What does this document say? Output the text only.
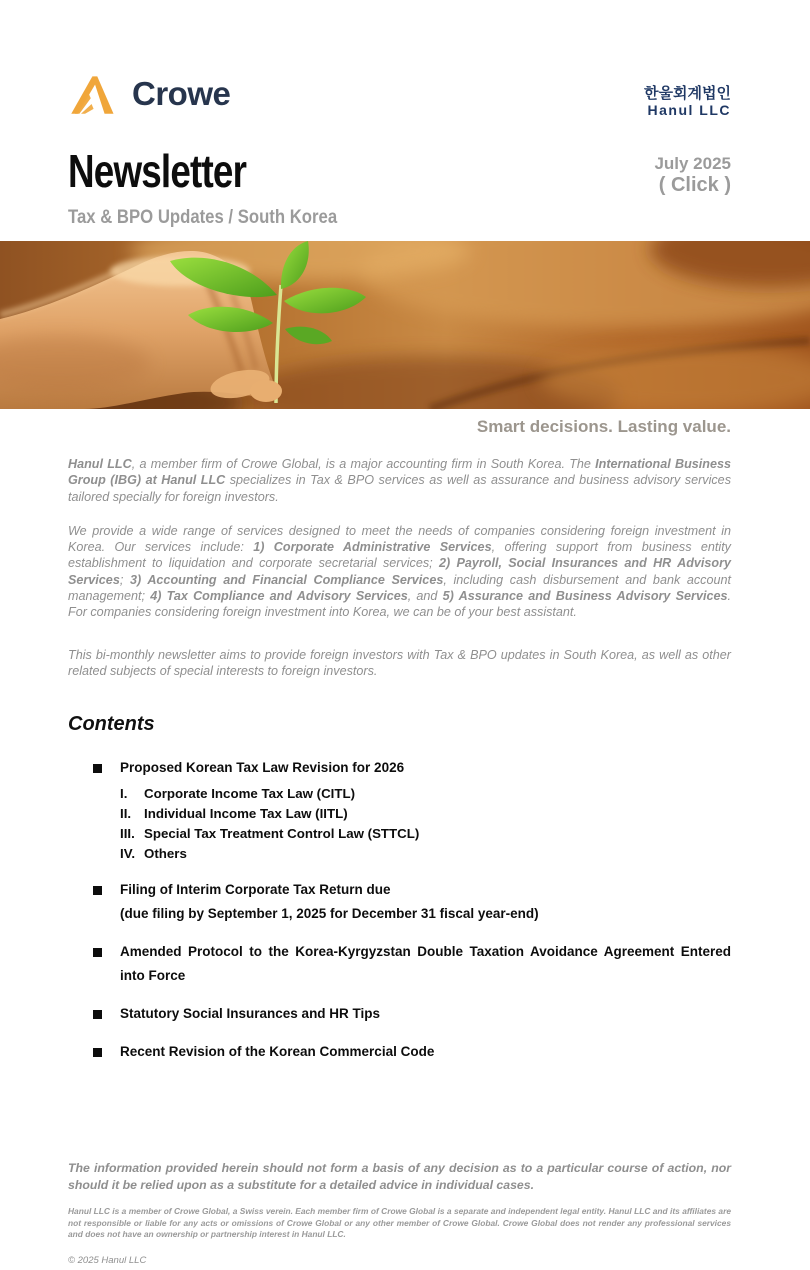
Crowe	한울회계법인
Hanul LLC
Newsletter
Tax & BPO Updates / South Korea
July 2025
( Click )
Smart decisions. Lasting value.

Hanul LLC, a member firm of Crowe Global, is a major accounting firm in South Korea. The International Business Group (IBG) at Hanul LLC specializes in Tax & BPO services as well as assurance and business advisory services tailored specially for foreign investors.

We provide a wide range of services designed to meet the needs of companies considering foreign investment in Korea. Our services include: 1) Corporate Administrative Services, offering support from business entity establishment to liquidation and corporate secretarial services; 2) Payroll, Social Insurances and HR Advisory Services; 3) Accounting and Financial Compliance Services, including cash disbursement and bank account management; 4) Tax Compliance and Advisory Services, and 5) Assurance and Business Advisory Services. For companies considering foreign investment into Korea, we can be of your best assistant.

This bi-monthly newsletter aims to provide foreign investors with Tax & BPO updates in South Korea, as well as other related subjects of special interests to foreign investors.

Contents
Proposed Korean Tax Law Revision for 2026
I.	Corporate Income Tax Law (CITL)
II. Individual Income Tax Law (IITL)
III. Special Tax Treatment Control Law (STTCL)
IV. Others
Filing of Interim Corporate Tax Return due
(due filing by September 1, 2025 for December 31 fiscal year-end)
Amended Protocol to the Korea-Kyrgyzstan Double Taxation Avoidance Agreement Entered into Force
Statutory Social Insurances and HR Tips
Recent Revision of the Korean Commercial Code

The information provided herein should not form a basis of any decision as to a particular course of action, nor should it be relied upon as a substitute for a detailed advice in individual cases.

Hanul LLC is a member of Crowe Global, a Swiss verein. Each member firm of Crowe Global is a separate and independent legal entity. Hanul LLC and its affiliates are not responsible or liable for any acts or omissions of Crowe Global or any other member of Crowe Global. Crowe Global does not render any professional services and does not have an ownership or partnership interest in Hanul LLC.

© 2025 Hanul LLC
